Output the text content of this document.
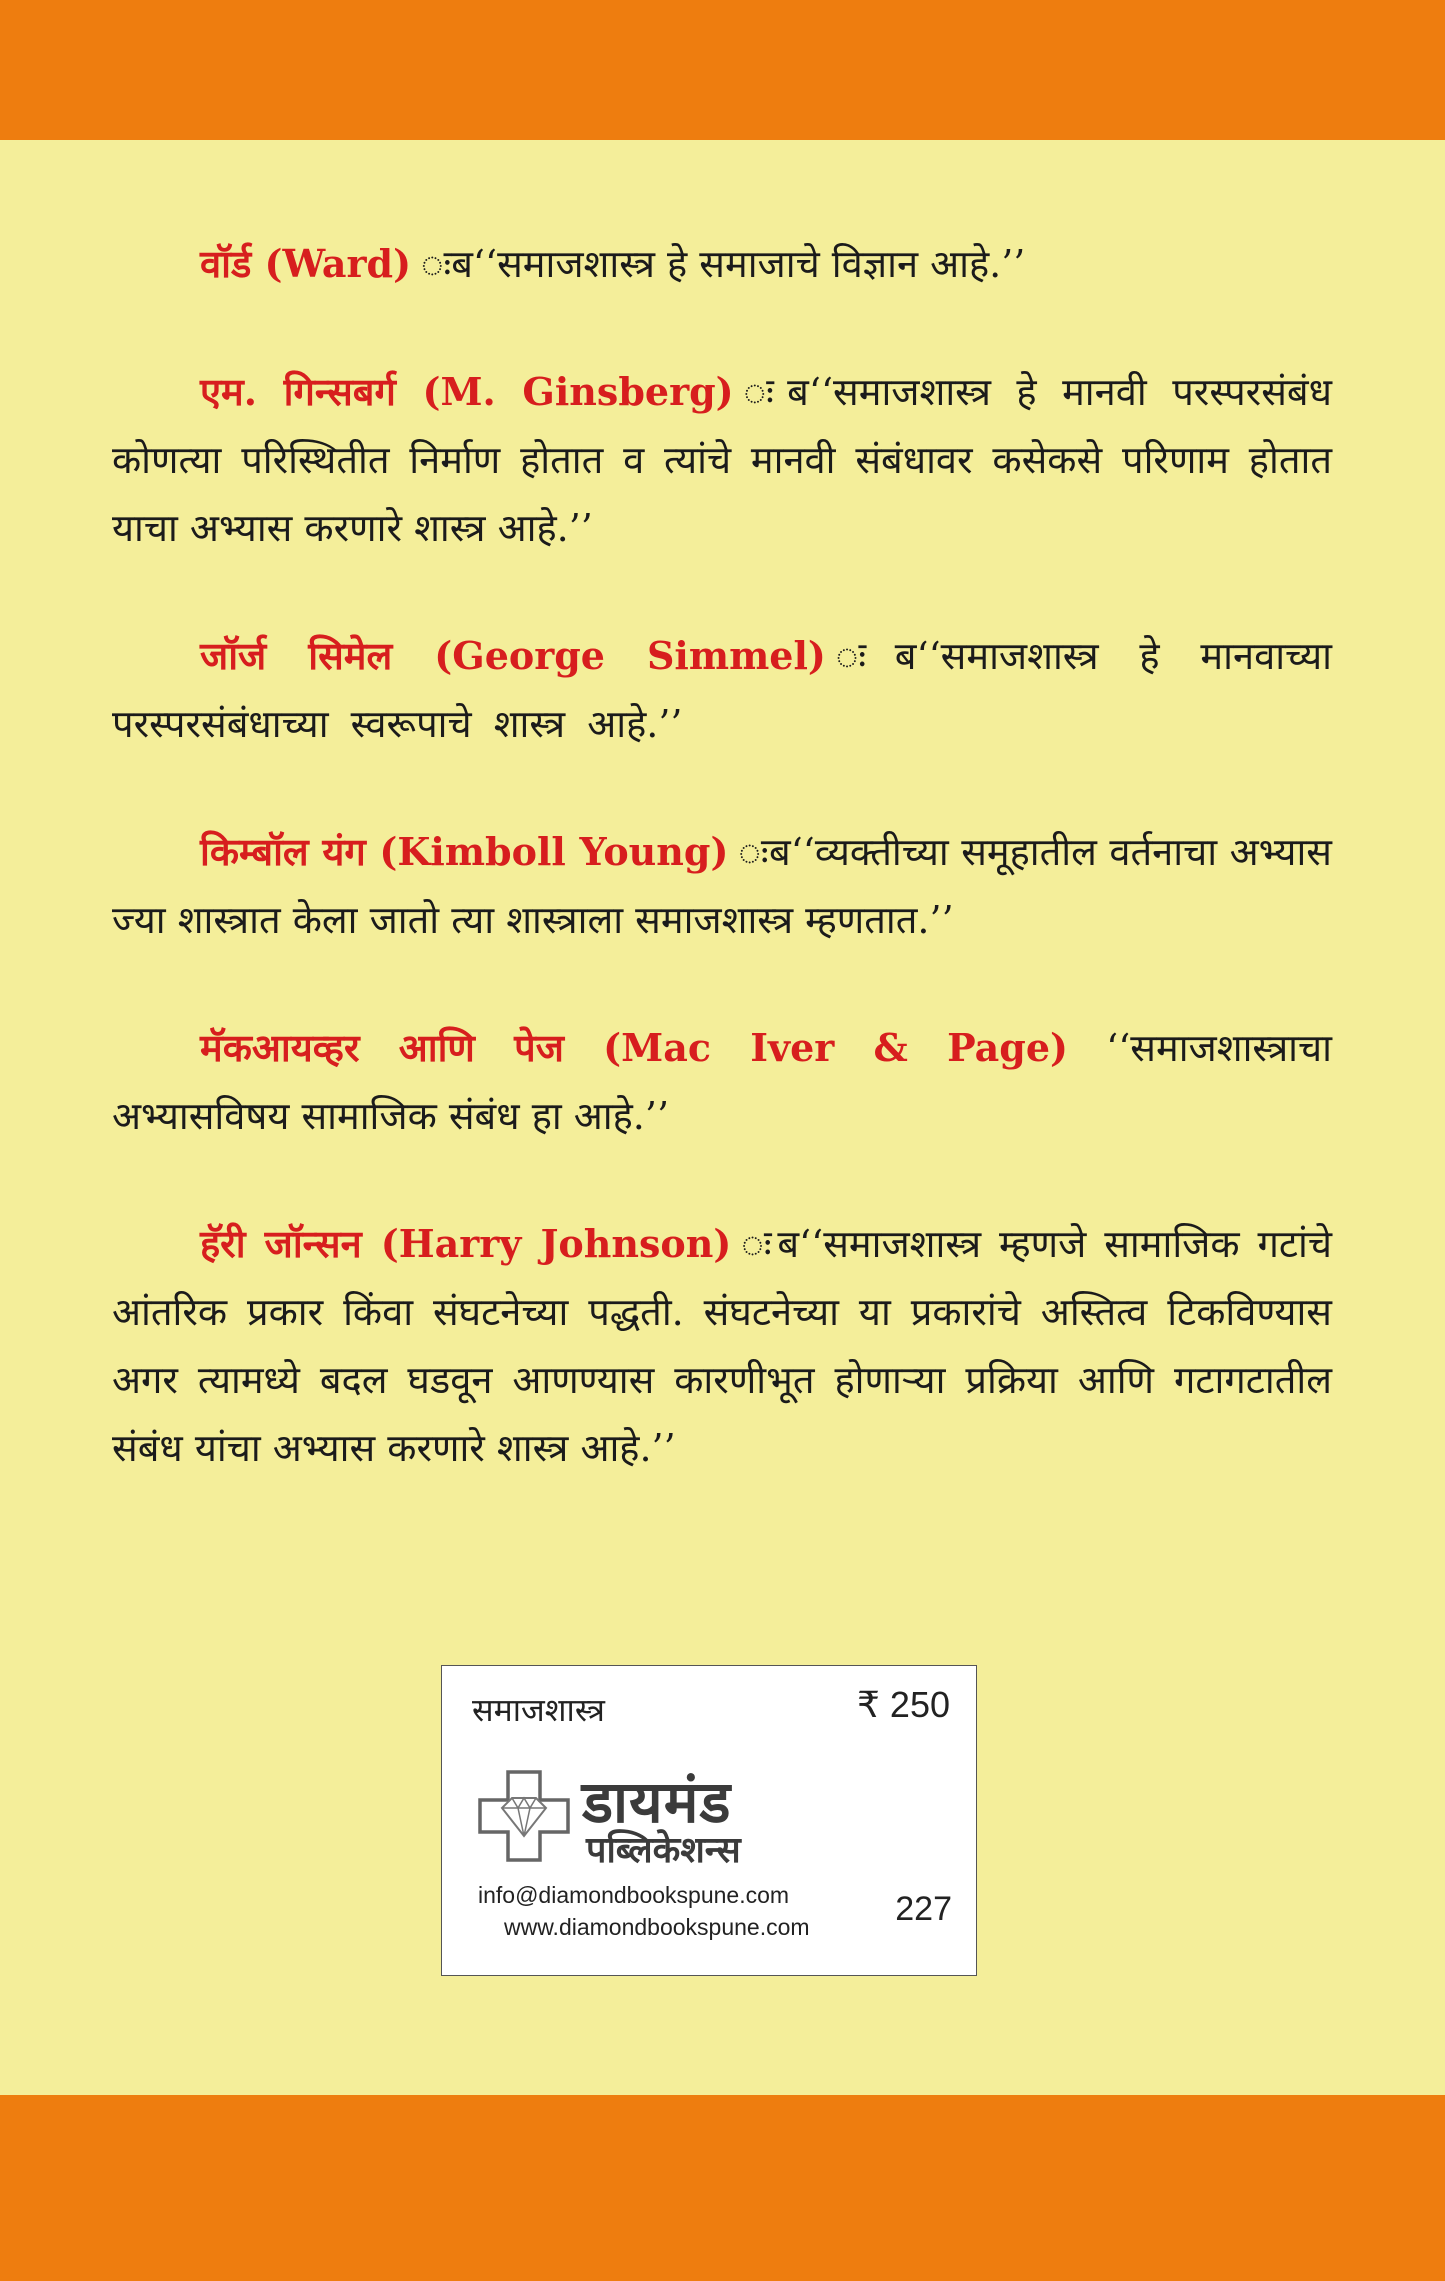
वॉर्ड (Ward) ःब‘‘समाजशास्त्र हे समाजाचे विज्ञान आहे.’’

एम. गिन्सबर्ग (M. Ginsberg) ःब‘‘समाजशास्त्र हे मानवी परस्परसंबंध कोणत्या परिस्थितीत निर्माण होतात व त्यांचे मानवी संबंधावर कसेकसे परिणाम होतात याचा अभ्यास करणारे शास्त्र आहे.’’

जॉर्ज सिमेल (George Simmel) ःब‘‘समाजशास्त्र हे मानवाच्या परस्परसंबंधाच्या स्वरूपाचे शास्त्र आहे.’’

किम्बॉल यंग (Kimboll Young) ःब‘‘व्यक्तीच्या समूहातील वर्तनाचा अभ्यास ज्या शास्त्रात केला जातो त्या शास्त्राला समाजशास्त्र म्हणतात.’’

मॅकआयव्हर आणि पेज (Mac Iver & Page) ‘‘समाजशास्त्राचा अभ्यासविषय सामाजिक संबंध हा आहे.’’

हॅरी जॉन्सन (Harry Johnson) ःब‘‘समाजशास्त्र म्हणजे सामाजिक गटांचे आंतरिक प्रकार किंवा संघटनेच्या पद्धती. संघटनेच्या या प्रकारांचे अस्तित्व टिकविण्यास अगर त्यामध्ये बदल घडवून आणण्यास कारणीभूत होणाऱ्या प्रक्रिया आणि गटागटातील संबंध यांचा अभ्यास करणारे शास्त्र आहे.’’

समाजशास्त्र	₹ 250
डायमंड
पब्लिकेशन्स
info@diamondbookspune.com
www.diamondbookspune.com	227
